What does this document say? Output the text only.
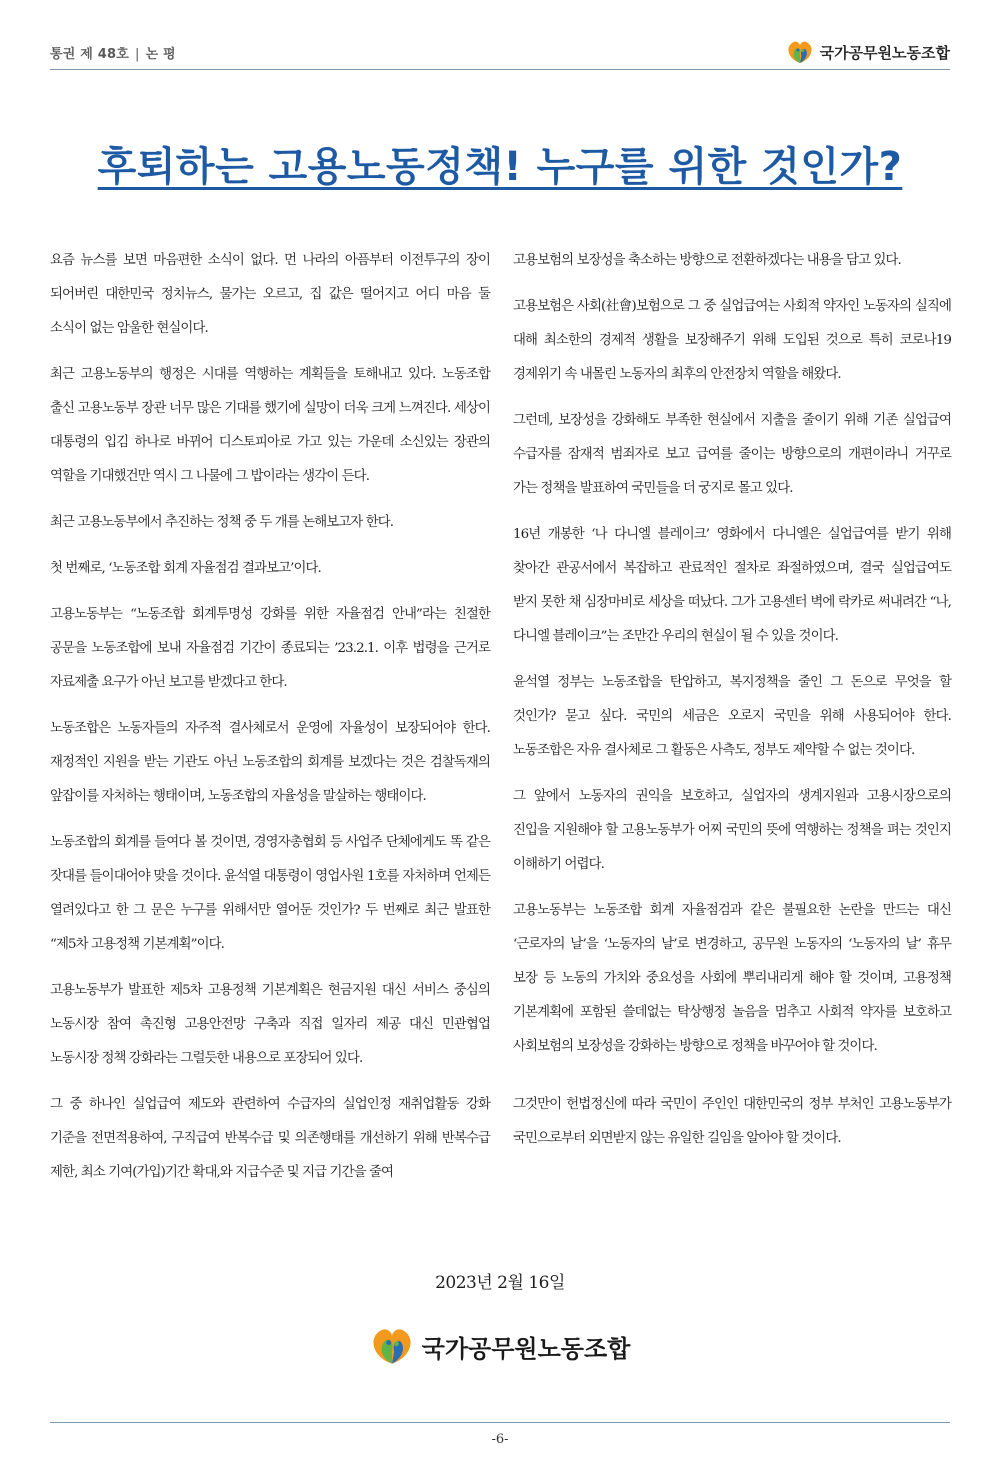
통권 제 48호 | 논 평	국가공무원노동조합
후퇴하는 고용노동정책! 누구를 위한 것인가?

요즘 뉴스를 보면 마음편한 소식이 없다. 먼 나라의 아픔부터 이전투구의 장이 되어버린 대한민국 정치뉴스, 물가는 오르고, 집 값은 떨어지고 어디 마음 둘 소식이 없는 암울한 현실이다.

최근 고용노동부의 행정은 시대를 역행하는 계획들을 토해내고 있다. 노동조합 출신 고용노동부 장관 너무 많은 기대를 했기에 실망이 더욱 크게 느껴진다. 세상이 대통령의 입김 하나로 바뀌어 디스토피아로 가고 있는 가운데 소신있는 장관의 역할을 기대했건만 역시 그 나물에 그 밥이라는 생각이 든다.

최근 고용노동부에서 추진하는 정책 중 두 개를 논해보고자 한다.

첫 번째로, ‘노동조합 회계 자율점검 결과보고’이다.

고용노동부는 “노동조합 회계투명성 강화를 위한 자율점검 안내”라는 친절한 공문을 노동조합에 보내 자율점검 기간이 종료되는 ’23.2.1. 이후 법령을 근거로 자료제출 요구가 아닌 보고를 받겠다고 한다.

노동조합은 노동자들의 자주적 결사체로서 운영에 자율성이 보장되어야 한다. 재정적인 지원을 받는 기관도 아닌 노동조합의 회계를 보겠다는 것은 검찰독재의 앞잡이를 자처하는 행태이며, 노동조합의 자율성을 말살하는 행태이다.

노동조합의 회계를 들여다 볼 것이면, 경영자총협회 등 사업주 단체에게도 똑 같은 잣대를 들이대어야 맞을 것이다. 윤석열 대통령이 영업사원 1호를 자처하며 언제든 열려있다고 한 그 문은 누구를 위해서만 열어둔 것인가? 두 번째로 최근 발표한 “제5차 고용정책 기본계획”이다.

고용노동부가 발표한 제5차 고용정책 기본계획은 현금지원 대신 서비스 중심의 노동시장 참여 촉진형 고용안전망 구축과 직접 일자리 제공 대신 민관협업 노동시장 정책 강화라는 그럴듯한 내용으로 포장되어 있다.

그 중 하나인 실업급여 제도와 관련하여 수급자의 실업인정 재취업활동 강화 기준을 전면적용하여, 구직급여 반복수급 및 의존행태를 개선하기 위해 반복수급 제한, 최소 기여(가입)기간 확대,와 지급수준 및 지급 기간을 줄여

고용보험의 보장성을 축소하는 방향으로 전환하겠다는 내용을 담고 있다.

고용보험은 사회(社會)보험으로 그 중 실업급여는 사회적 약자인 노동자의 실직에 대해 최소한의 경제적 생활을 보장해주기 위해 도입된 것으로 특히 코로나19 경제위기 속 내몰린 노동자의 최후의 안전장치 역할을 해왔다.

그런데, 보장성을 강화해도 부족한 현실에서 지출을 줄이기 위해 기존 실업급여 수급자를 잠재적 범죄자로 보고 급여를 줄이는 방향으로의 개편이라니 거꾸로 가는 정책을 발표하여 국민들을 더 궁지로 몰고 있다.

16년 개봉한 ‘나 다니엘 블레이크’ 영화에서 다니엘은 실업급여를 받기 위해 찾아간 관공서에서 복잡하고 관료적인 절차로 좌절하였으며, 결국 실업급여도 받지 못한 채 심장마비로 세상을 떠났다. 그가 고용센터 벽에 락카로 써내려간 “나, 다니엘 블레이크”는 조만간 우리의 현실이 될 수 있을 것이다.

윤석열 정부는 노동조합을 탄압하고, 복지정책을 줄인 그 돈으로 무엇을 할 것인가? 묻고 싶다. 국민의 세금은 오로지 국민을 위해 사용되어야 한다. 노동조합은 자유 결사체로 그 활동은 사측도, 정부도 제약할 수 없는 것이다.

그 앞에서 노동자의 권익을 보호하고, 실업자의 생계지원과 고용시장으로의 진입을 지원해야 할 고용노동부가 어찌 국민의 뜻에 역행하는 정책을 펴는 것인지 이해하기 어렵다.

고용노동부는 노동조합 회계 자율점검과 같은 불필요한 논란을 만드는 대신 ‘근로자의 날’을 ‘노동자의 날’로 변경하고, 공무원 노동자의 ‘노동자의 날’ 휴무 보장 등 노동의 가치와 중요성을 사회에 뿌리내리게 해야 할 것이며, 고용정책 기본계획에 포함된 쓸데없는 탁상행정 놀음을 멈추고 사회적 약자를 보호하고 사회보험의 보장성을 강화하는 방향으로 정책을 바꾸어야 할 것이다.

그것만이 헌법정신에 따라 국민이 주인인 대한민국의 정부 부처인 고용노동부가 국민으로부터 외면받지 않는 유일한 길임을 알아야 할 것이다.

2023년 2월 16일
국가공무원노동조합
-6-
